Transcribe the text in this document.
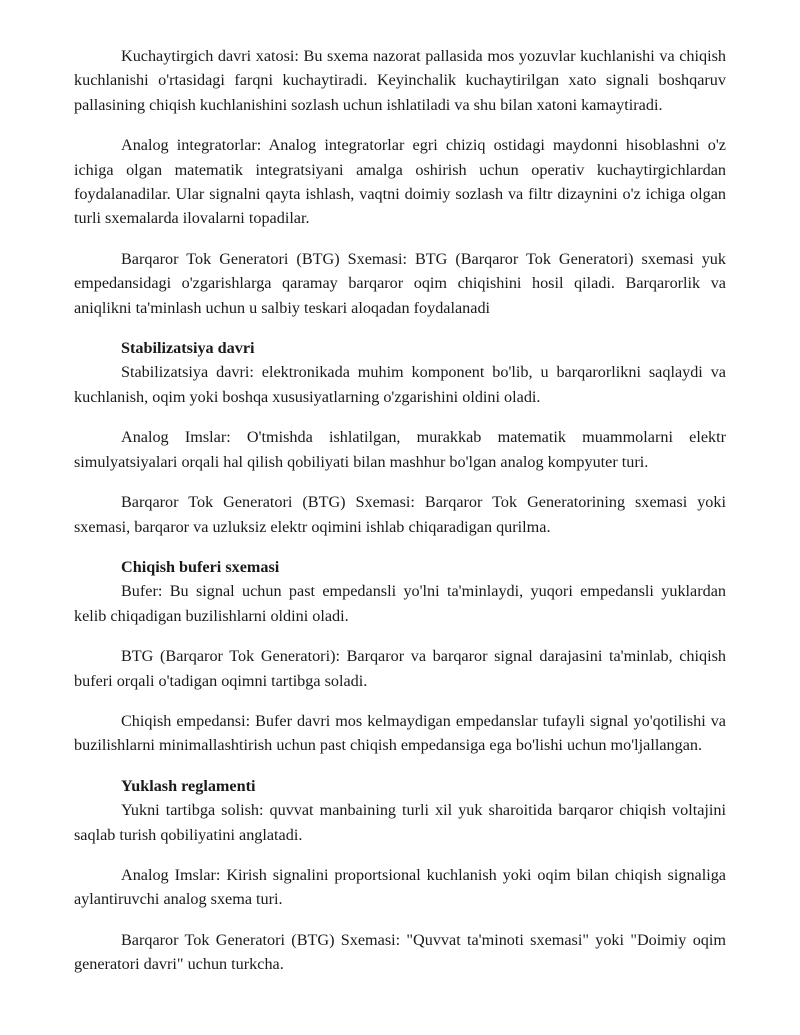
Kuchaytirgich davri xatosi: Bu sxema nazorat pallasida mos yozuvlar kuchlanishi va chiqish kuchlanishi o'rtasidagi farqni kuchaytiradi. Keyinchalik kuchaytirilgan xato signali boshqaruv pallasining chiqish kuchlanishini sozlash uchun ishlatiladi va shu bilan xatoni kamaytiradi.

Analog integratorlar: Analog integratorlar egri chiziq ostidagi maydonni hisoblashni o'z ichiga olgan matematik integratsiyani amalga oshirish uchun operativ kuchaytirgichlardan foydalanadilar. Ular signalni qayta ishlash, vaqtni doimiy sozlash va filtr dizaynini o'z ichiga olgan turli sxemalarda ilovalarni topadilar.

Barqaror Tok Generatori (BTG) Sxemasi: BTG (Barqaror Tok Generatori) sxemasi yuk empedansidagi o'zgarishlarga qaramay barqaror oqim chiqishini hosil qiladi. Barqarorlik va aniqlikni ta'minlash uchun u salbiy teskari aloqadan foydalanadi

Stabilizatsiya davri

Stabilizatsiya davri: elektronikada muhim komponent bo'lib, u barqarorlikni saqlaydi va kuchlanish, oqim yoki boshqa xususiyatlarning o'zgarishini oldini oladi.

Analog Imslar: O'tmishda ishlatilgan, murakkab matematik muammolarni elektr simulyatsiyalari orqali hal qilish qobiliyati bilan mashhur bo'lgan analog kompyuter turi.

Barqaror Tok Generatori (BTG) Sxemasi: Barqaror Tok Generatorining sxemasi yoki sxemasi, barqaror va uzluksiz elektr oqimini ishlab chiqaradigan qurilma.

Chiqish buferi sxemasi

Bufer: Bu signal uchun past empedansli yo'lni ta'minlaydi, yuqori empedansli yuklardan kelib chiqadigan buzilishlarni oldini oladi.

BTG (Barqaror Tok Generatori): Barqaror va barqaror signal darajasini ta'minlab, chiqish buferi orqali o'tadigan oqimni tartibga soladi.

Chiqish empedansi: Bufer davri mos kelmaydigan empedanslar tufayli signal yo'qotilishi va buzilishlarni minimallashtirish uchun past chiqish empedansiga ega bo'lishi uchun mo'ljallangan.

Yuklash reglamenti

Yukni tartibga solish: quvvat manbaining turli xil yuk sharoitida barqaror chiqish voltajini saqlab turish qobiliyatini anglatadi.

Analog Imslar: Kirish signalini proportsional kuchlanish yoki oqim bilan chiqish signaliga aylantiruvchi analog sxema turi.

Barqaror Tok Generatori (BTG) Sxemasi: "Quvvat ta'minoti sxemasi" yoki "Doimiy oqim generatori davri" uchun turkcha.
